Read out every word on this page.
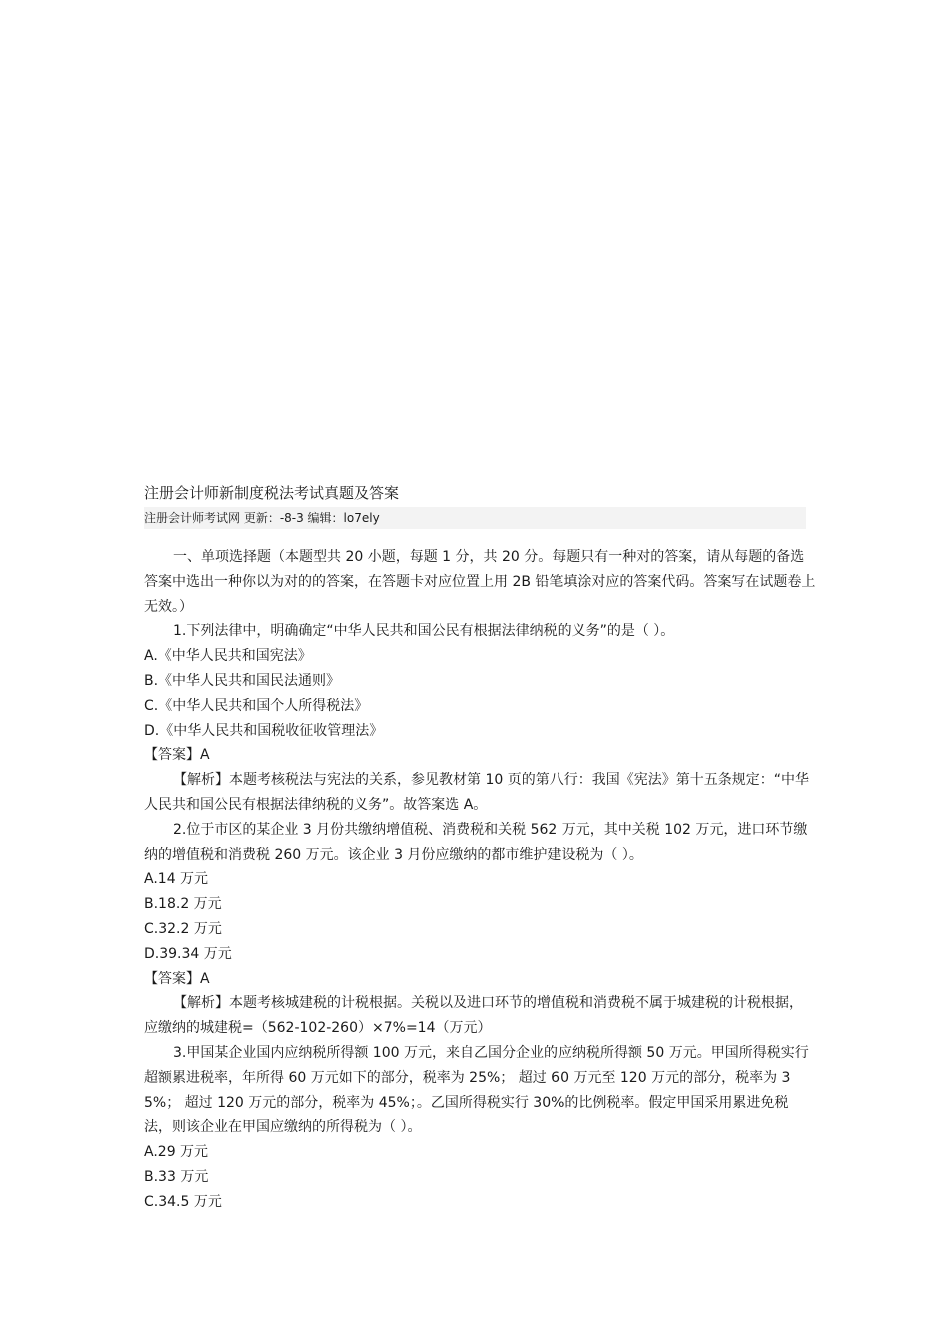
注册会计师新制度税法考试真题及答案
注册会计师考试网 更新：-8-3 编辑：lo7ely

一、单项选择题（本题型共 20 小题，每题 1 分，共 20 分。每题只有一种对的答案，请从每题的备选答案中选出一种你以为对的的答案，在答题卡对应位置上用 2B 铅笔填涂对应的答案代码。答案写在试题卷上无效。）

1.下列法律中，明确确定“中华人民共和国公民有根据法律纳税的义务”的是（ ）。

A.《中华人民共和国宪法》

B.《中华人民共和国民法通则》

C.《中华人民共和国个人所得税法》

D.《中华人民共和国税收征收管理法》

【答案】A

【解析】本题考核税法与宪法的关系，参见教材第 10 页的第八行：我国《宪法》第十五条规定：“中华人民共和国公民有根据法律纳税的义务”。故答案选 A。

2.位于市区的某企业 3 月份共缴纳增值税、消费税和关税 562 万元，其中关税 102 万元，进口环节缴纳的增值税和消费税 260 万元。该企业 3 月份应缴纳的都市维护建设税为（ ）。

A.14 万元

B.18.2 万元

C.32.2 万元

D.39.34 万元

【答案】A

【解析】本题考核城建税的计税根据。关税以及进口环节的增值税和消费税不属于城建税的计税根据，应缴纳的城建税=（562-102-260）×7%=14（万元）

3.甲国某企业国内应纳税所得额 100 万元，来自乙国分企业的应纳税所得额 50 万元。甲国所得税实行超额累进税率，年所得 60 万元如下的部分，税率为 25%； 超过 60 万元至 120 万元的部分，税率为 35%； 超过 120 万元的部分，税率为 45%；。乙国所得税实行 30%的比例税率。假定甲国采用累进免税法，则该企业在甲国应缴纳的所得税为（ ）。

A.29 万元

B.33 万元

C.34.5 万元
